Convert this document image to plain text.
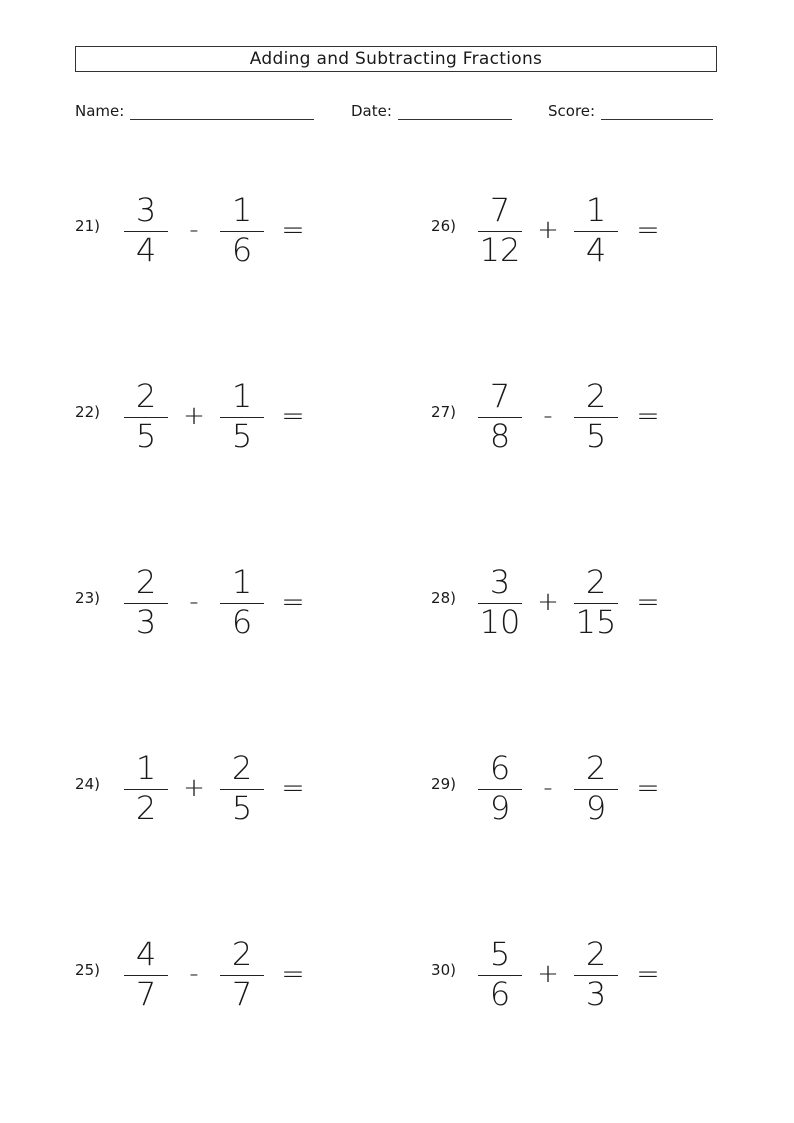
Adding and Subtracting Fractions
Name:	Date:	Score:
21)	3
4
-
1
6
=
22)	2
5
+
1
5
=
23)	2
3
-
1
6
=
24)	1
2
+
2
5
=
25)	4
7
-
2
7
=
26)	7
12
+
1
4
=
27)	7
8
-
2
5
=
28)	3
10
+
2
15
=
29)	6
9
-
2
9
=
30)	5
6
+
2
3
=
